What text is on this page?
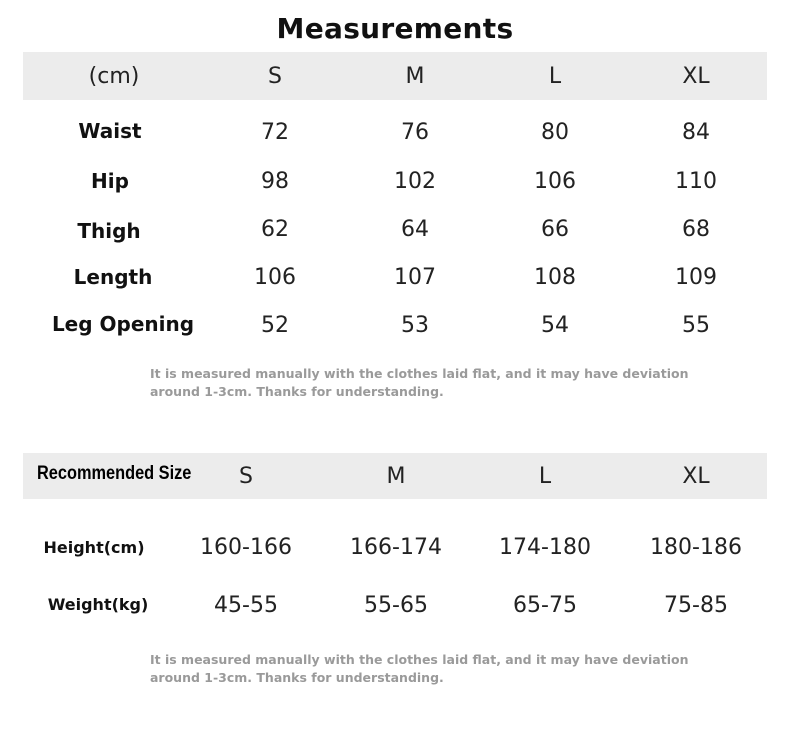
Measurements
(cm)	S	M	L	XL
Waist	72	76	80	84
Hip	98	102	106	110
Thigh	62	64	66	68
Length	106	107	108	109
Leg Opening	52	53	54	55
It is measured manually with the clothes laid flat, and it may have deviation around 1-3cm. Thanks for understanding.
Recommended Size S	M	L	XL
Height(cm)	160-166	166-174	174-180	180-186
Weight(kg)	45-55	55-65	65-75	75-85
It is measured manually with the clothes laid flat, and it may have deviation around 1-3cm. Thanks for understanding.
